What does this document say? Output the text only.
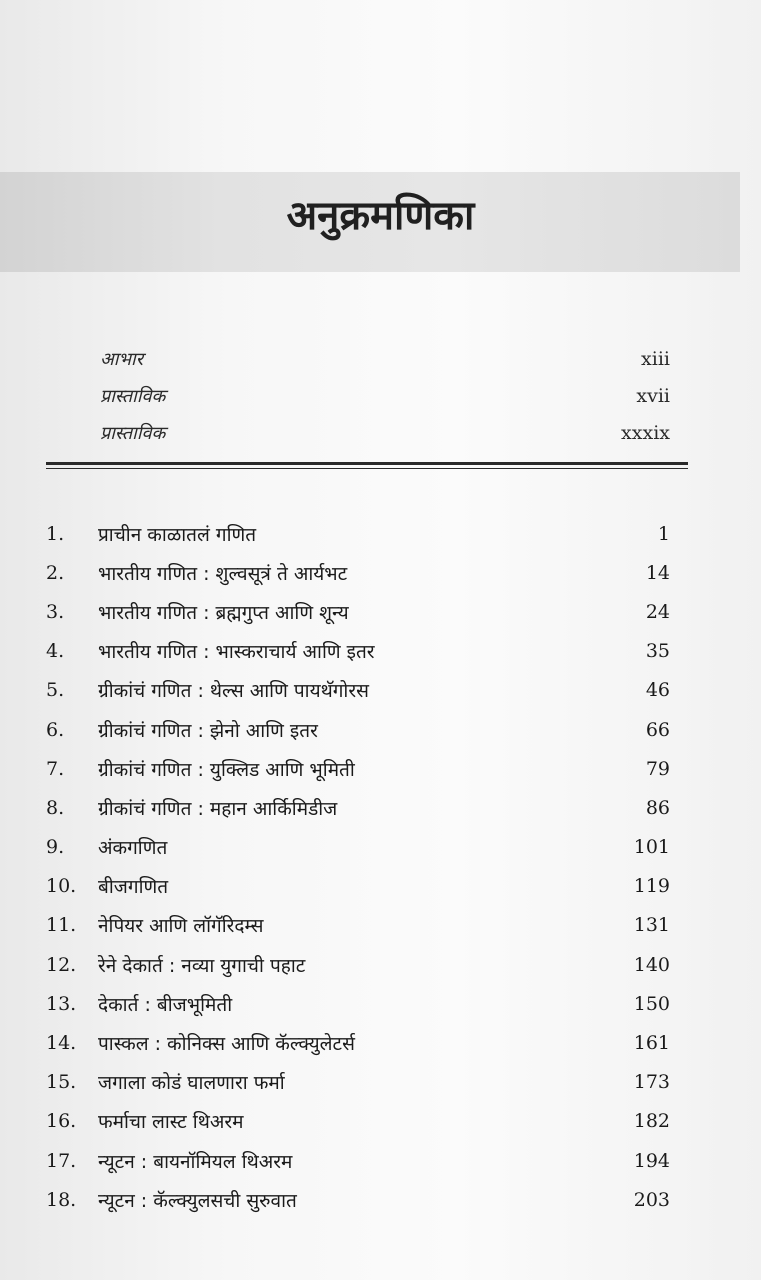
अनुक्रमणिका
आभार	xiii
प्रास्ताविक	xvii
प्रास्ताविक	xxxix
1.	प्राचीन काळातलं गणित	1
2.	भारतीय गणित : शुल्वसूत्रं ते आर्यभट	14
3.	भारतीय गणित : ब्रह्मगुप्त आणि शून्य	24
4.	भारतीय गणित : भास्कराचार्य आणि इतर	35
5.	ग्रीकांचं गणित : थेल्स आणि पायथॅगोरस	46
6.	ग्रीकांचं गणित : झेनो आणि इतर	66
7.	ग्रीकांचं गणित : युक्लिड आणि भूमिती	79
8.	ग्रीकांचं गणित : महान आर्किमिडीज	86
9.	अंकगणित	101
10.	बीजगणित	119
11.	नेपियर आणि लॉगॅरिदम्स	131
12.	रेने देकार्त : नव्या युगाची पहाट	140
13.	देकार्त : बीजभूमिती	150
14.	पास्कल : कोनिक्स आणि कॅल्क्युलेटर्स	161
15.	जगाला कोडं घालणारा फर्मा	173
16.	फर्माचा लास्ट थिअरम	182
17.	न्यूटन : बायनॉमियल थिअरम	194
18.	न्यूटन : कॅल्क्युलसची सुरुवात	203
